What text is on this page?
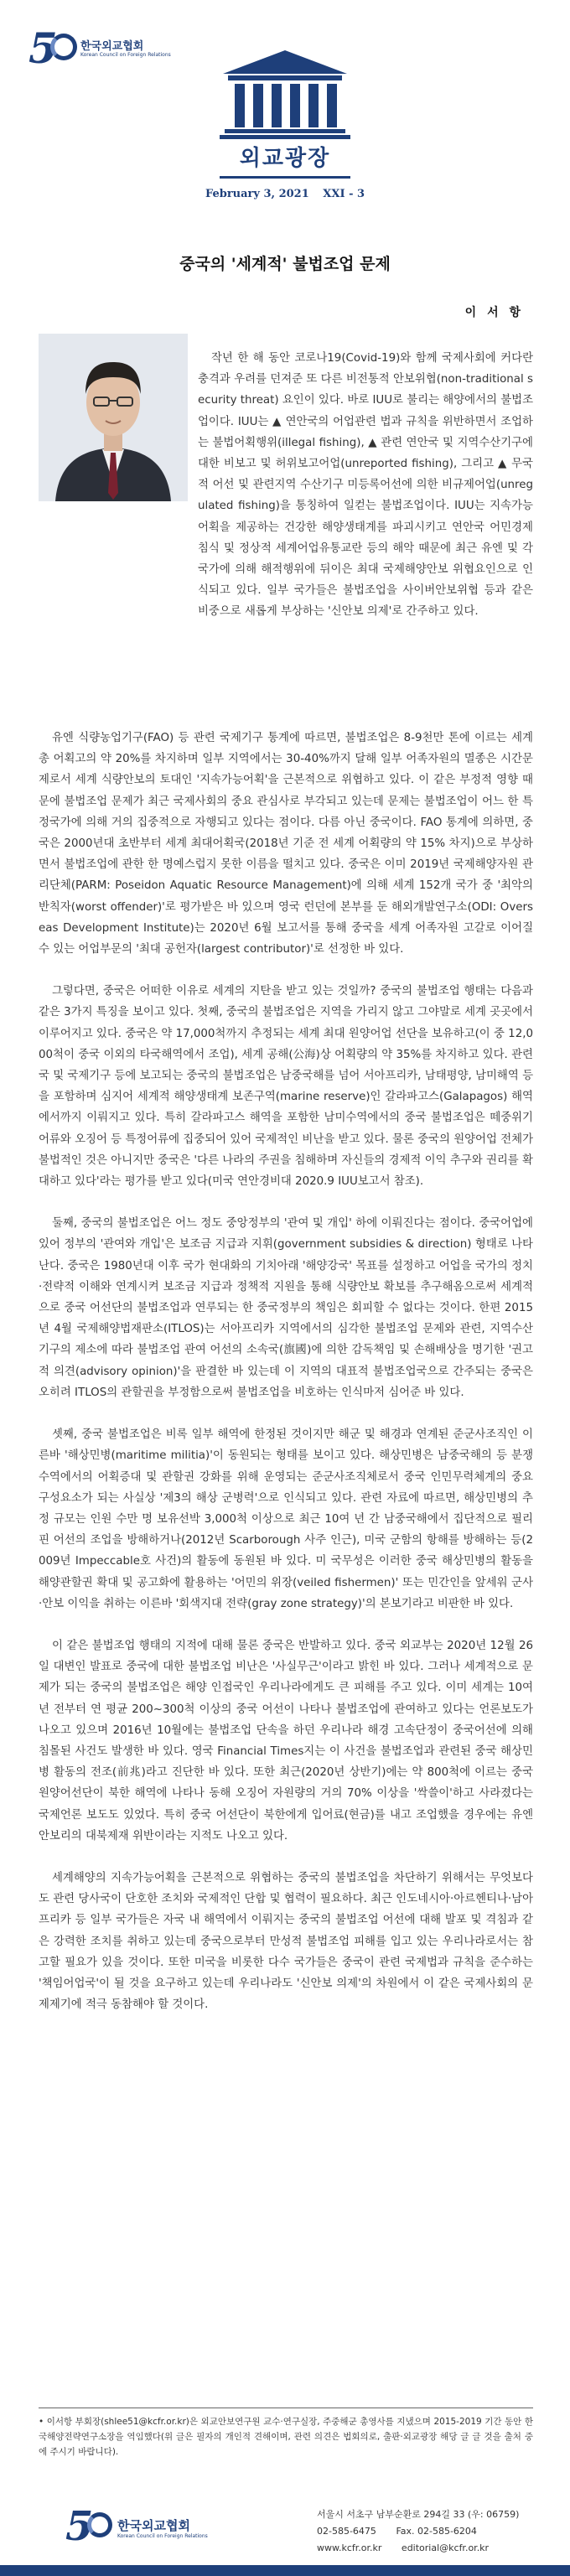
5 한국외교협회
Korean Council on Foreign Relations
외교광장
February 3, 2021 XXI - 3
중국의 '세계적' 불법조업 문제
이 서 항

작년 한 해 동안 코로나19(Covid-19)와 함께 국제사회에 커다란 충격과 우려를 던져준 또 다른 비전통적 안보위협(non-traditional security threat) 요인이 있다. 바로 IUU로 불리는 해양에서의 불법조업이다. IUU는 ▲ 연안국의 어업관련 법과 규칙을 위반하면서 조업하는 불법어획행위(illegal fishing), ▲ 관련 연안국 및 지역수산기구에 대한 비보고 및 허위보고어업(unreported fishing), 그리고 ▲ 무국적 어선 및 관련지역 수산기구 미등록어선에 의한 비규제어업(unregulated fishing)을 통칭하여 일컫는 불법조업이다. IUU는 지속가능어획을 제공하는 건강한 해양생태계를 파괴시키고 연안국 어민경제 침식 및 정상적 세계어업유통교란 등의 해악 때문에 최근 유엔 및 각 국가에 의해 해적행위에 뒤이은 최대 국제해양안보 위협요인으로 인식되고 있다. 일부 국가들은 불법조업을 사이버안보위협 등과 같은 비중으로 새롭게 부상하는 '신안보 의제'로 간주하고 있다.

유엔 식량농업기구(FAO) 등 관련 국제기구 통계에 따르면, 불법조업은 8-9천만 톤에 이르는 세계 총 어획고의 약 20%를 차지하며 일부 지역에서는 30-40%까지 달해 일부 어족자원의 멸종은 시간문제로서 세계 식량안보의 토대인 '지속가능어획'을 근본적으로 위협하고 있다. 이 같은 부정적 영향 때문에 불법조업 문제가 최근 국제사회의 중요 관심사로 부각되고 있는데 문제는 불법조업이 어느 한 특정국가에 의해 거의 집중적으로 자행되고 있다는 점이다. 다름 아닌 중국이다. FAO 통계에 의하면, 중국은 2000년대 초반부터 세계 최대어획국(2018년 기준 전 세계 어획량의 약 15% 차지)으로 부상하면서 불법조업에 관한 한 명예스럽지 못한 이름을 떨치고 있다. 중국은 이미 2019년 국제해양자원 관리단체(PARM: Poseidon Aquatic Resource Management)에 의해 세계 152개 국가 중 '최악의 반칙자(worst offender)'로 평가받은 바 있으며 영국 런던에 본부를 둔 해외개발연구소(ODI: Overseas Development Institute)는 2020년 6월 보고서를 통해 중국을 세계 어족자원 고갈로 이어질 수 있는 어업부문의 '최대 공헌자(largest contributor)'로 선정한 바 있다.

그렇다면, 중국은 어떠한 이유로 세계의 지탄을 받고 있는 것일까? 중국의 불법조업 행태는 다음과 같은 3가지 특징을 보이고 있다. 첫째, 중국의 불법조업은 지역을 가리지 않고 그야말로 세계 곳곳에서 이루어지고 있다. 중국은 약 17,000척까지 추정되는 세계 최대 원양어업 선단을 보유하고(이 중 12,000척이 중국 이외의 타국해역에서 조업), 세계 공해(公海)상 어획량의 약 35%를 차지하고 있다. 관련국 및 국제기구 등에 보고되는 중국의 불법조업은 남중국해를 넘어 서아프리카, 남태평양, 남미해역 등을 포함하며 심지어 세계적 해양생태계 보존구역(marine reserve)인 갈라파고스(Galapagos) 해역에서까지 이뤄지고 있다. 특히 갈라파고스 해역을 포함한 남미수역에서의 중국 불법조업은 떼중위기 어류와 오징어 등 특정어류에 집중되어 있어 국제적인 비난을 받고 있다. 물론 중국의 원양어업 전체가 불법적인 것은 아니지만 중국은 '다른 나라의 주권을 침해하며 자신들의 경제적 이익 추구와 권리를 확대하고 있다'라는 평가를 받고 있다(미국 연안경비대 2020.9 IUU보고서 참조).

둘째, 중국의 불법조업은 어느 정도 중앙정부의 '관여 및 개입' 하에 이뤄진다는 점이다. 중국어업에 있어 정부의 '관여와 개입'은 보조금 지급과 지휘(government subsidies & direction) 형태로 나타난다. 중국은 1980년대 이후 국가 현대화의 기치아래 '해양강국' 목표를 설정하고 어업을 국가의 정치·전략적 이해와 연계시켜 보조금 지급과 정책적 지원을 통해 식량안보 확보를 추구해옴으로써 세계적으로 중국 어선단의 불법조업과 연루되는 한 중국정부의 책임은 회피할 수 없다는 것이다. 한편 2015년 4월 국제해양법재판소(ITLOS)는 서아프리카 지역에서의 심각한 불법조업 문제와 관련, 지역수산기구의 제소에 따라 불법조업 관여 어선의 소속국(旗國)에 의한 감독책임 및 손해배상을 명기한 '권고적 의견(advisory opinion)'을 판결한 바 있는데 이 지역의 대표적 불법조업국으로 간주되는 중국은 오히려 ITLOS의 관할권을 부정함으로써 불법조업을 비호하는 인식마저 심어준 바 있다.

셋째, 중국 불법조업은 비록 일부 해역에 한정된 것이지만 해군 및 해경과 연계된 준군사조직인 이른바 '해상민병(maritime militia)'이 동원되는 형태를 보이고 있다. 해상민병은 남중국해의 등 분쟁수역에서의 어획증대 및 관할권 강화를 위해 운영되는 준군사조직체로서 중국 인민무력체계의 중요 구성요소가 되는 사실상 '제3의 해상 군병력'으로 인식되고 있다. 관련 자료에 따르면, 해상민병의 추정 규모는 인원 수만 명 보유선박 3,000척 이상으로 최근 10여 년 간 남중국해에서 집단적으로 필리핀 어선의 조업을 방해하거나(2012년 Scarborough 사주 인근), 미국 군함의 항해를 방해하는 등(2009년 Impeccable호 사건)의 활동에 동원된 바 있다. 미 국무성은 이러한 중국 해상민병의 활동을 해양관할권 확대 및 공고화에 활용하는 '어민의 위장(veiled fishermen)' 또는 민간인을 앞세워 군사·안보 이익을 취하는 이른바 '회색지대 전략(gray zone strategy)'의 본보기라고 비판한 바 있다.

이 같은 불법조업 행태의 지적에 대해 물론 중국은 반발하고 있다. 중국 외교부는 2020년 12월 26일 대변인 발표로 중국에 대한 불법조업 비난은 '사실무근'이라고 밝힌 바 있다. 그러나 세계적으로 문제가 되는 중국의 불법조업은 해양 인접국인 우리나라에게도 큰 피해를 주고 있다. 이미 세계는 10여 년 전부터 연 평균 200~300척 이상의 중국 어선이 나타나 불법조업에 관여하고 있다는 언론보도가 나오고 있으며 2016년 10월에는 불법조업 단속을 하던 우리나라 해경 고속단정이 중국어선에 의해 침몰된 사건도 발생한 바 있다. 영국 Financial Times지는 이 사건을 불법조업과 관련된 중국 해상민병 활동의 전조(前兆)라고 진단한 바 있다. 또한 최근(2020년 상반기)에는 약 800척에 이르는 중국 원양어선단이 북한 해역에 나타나 동해 오징어 자원량의 거의 70% 이상을 '싹쓸이'하고 사라졌다는 국제언론 보도도 있었다. 특히 중국 어선단이 북한에게 입어료(현금)를 내고 조업했을 경우에는 유엔 안보리의 대북제재 위반이라는 지적도 나오고 있다.

세계해양의 지속가능어획을 근본적으로 위협하는 중국의 불법조업을 차단하기 위해서는 무엇보다도 관련 당사국이 단호한 조치와 국제적인 단합 및 협력이 필요하다. 최근 인도네시아·아르헨티나·남아프리카 등 일부 국가들은 자국 내 해역에서 이뤄지는 중국의 불법조업 어선에 대해 발포 및 격침과 같은 강력한 조치를 취하고 있는데 중국으로부터 만성적 불법조업 피해를 입고 있는 우리나라로서는 참고할 필요가 있을 것이다. 또한 미국을 비롯한 다수 국가들은 중국이 관련 국제법과 규칙을 준수하는 '책임어업국'이 될 것을 요구하고 있는데 우리나라도 '신안보 의제'의 차원에서 이 같은 국제사회의 문제제기에 적극 동참해야 할 것이다.

• 이서항 부회장(shlee51@kcfr.or.kr)은 외교안보연구원 교수·연구실장, 주중해군 총영사를 지냈으며 2015-2019 기간 동안 한국해양전략연구소장을 역임했다(위 글은 필자의 개인적 견해이며, 관련 의견은 법회의로, 출판·외교광장 해당 글 글 것을 출처 중에 주시기 바랍니다).
5 한국외교협회
Korean Council on Foreign Relations
서울시 서초구 남부순환로 294길 33 (우: 06759)
02-585-6475 Fax. 02-585-6204
www.kcfr.or.kr editorial@kcfr.or.kr
